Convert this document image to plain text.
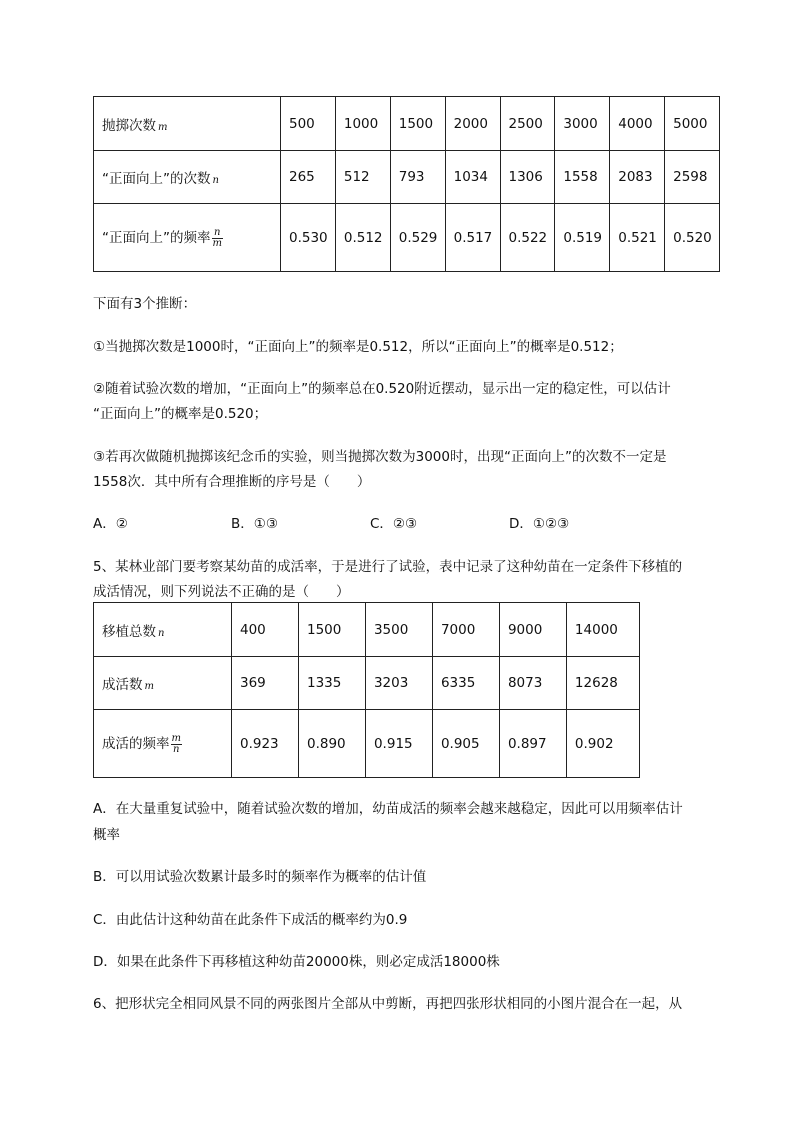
抛掷次数 m	500	1000	1500	2000	2500	3000	4000	5000
“正面向上”的次数 n	265	512	793	1034	1306	1558	2083	2598
“正面向上”的频率 $\frac{n}{m}$	0.530	0.512	0.529	0.517	0.522	0.519	0.521	0.520
下面有3个推断：
①当抛掷次数是1000时，“正面向上”的频率是0.512，所以“正面向上”的概率是0.512；
②随着试验次数的增加，“正面向上”的频率总在0.520附近摆动，显示出一定的稳定性，可以估计
“正面向上”的概率是0.520；
③若再次做随机抛掷该纪念币的实验，则当抛掷次数为3000时，出现“正面向上”的次数不一定是
1558次．其中所有合理推断的序号是（　　）
A．②	B．①③	C．②③	D．①②③
5、某林业部门要考察某幼苗的成活率，于是进行了试验，表中记录了这种幼苗在一定条件下移植的
成活情况，则下列说法不正确的是（　　）
移植总数 n	400	1500	3500	7000	9000	14000
成活数 m	369	1335	3203	6335	8073	12628
成活的频率 $\frac{m}{n}$	0.923	0.890	0.915	0.905	0.897	0.902
A．在大量重复试验中，随着试验次数的增加，幼苗成活的频率会越来越稳定，因此可以用频率估计
概率
B．可以用试验次数累计最多时的频率作为概率的估计值
C．由此估计这种幼苗在此条件下成活的概率约为0.9
D．如果在此条件下再移植这种幼苗20000株，则必定成活18000株
6、把形状完全相同风景不同的两张图片全部从中剪断，再把四张形状相同的小图片混合在一起，从
